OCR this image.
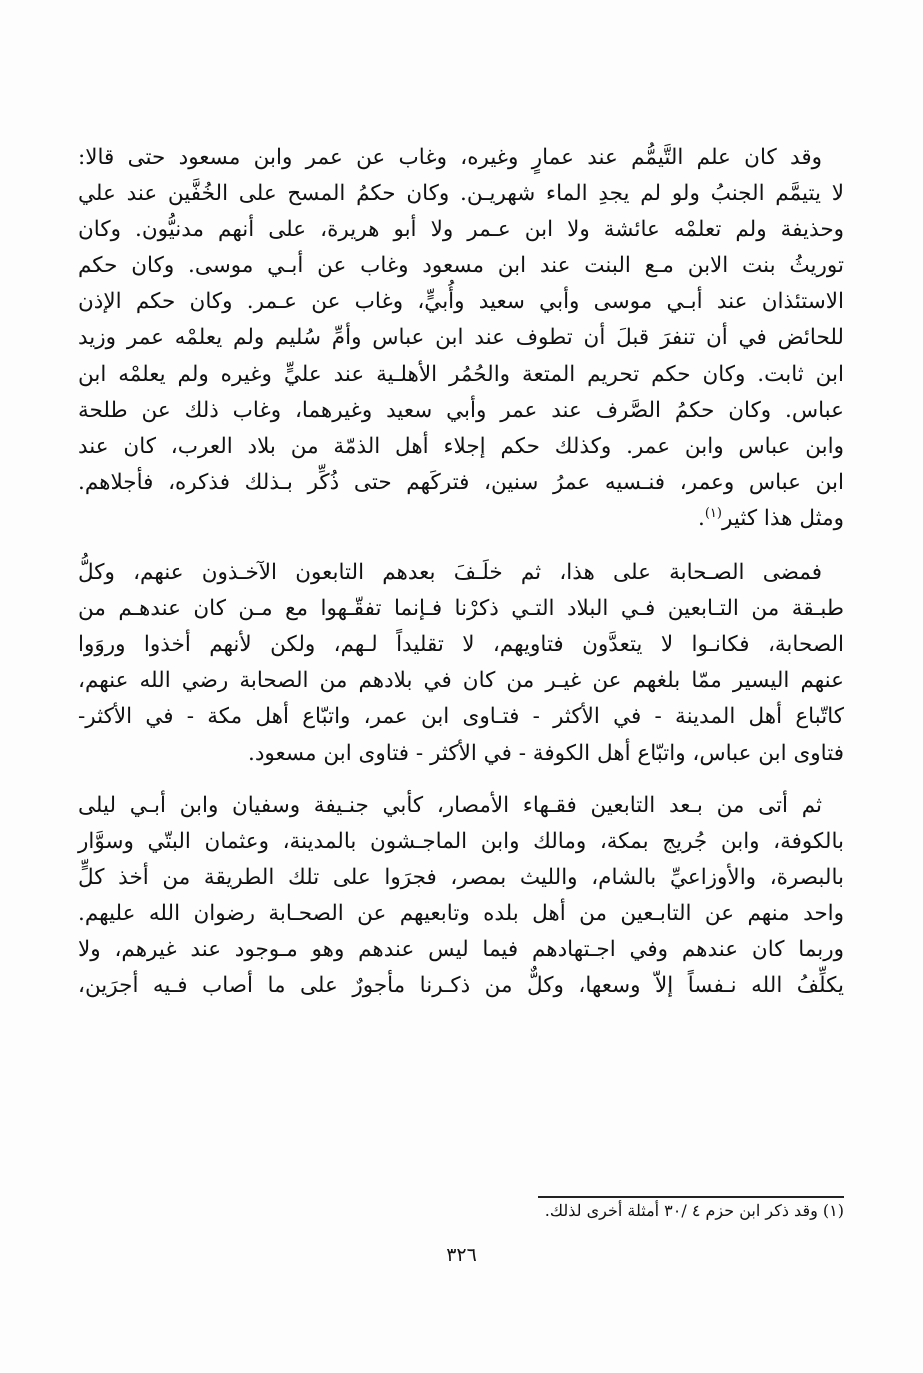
وقد كان علم التَّيمُّم عند عمارٍ وغيره، وغاب عن عمر وابن مسعود حتى قالا:
لا يتيمَّم الجنبُ ولو لم يجدِ الماء شهريـن. وكان حكمُ المسح على الخُفَّين عند علي
وحذيفة ولم تعلمْه عائشة ولا ابن عـمر ولا أبو هريرة، على أنهم مدنيُّون. وكان
توريثُ بنت الابن مـع البنت عند ابن مسعود وغاب عن أبـي موسى. وكان حكم
الاستئذان عند أبـي موسى وأبي سعيد وأُبيٍّ، وغاب عن عـمر. وكان حكم الإذن
للحائض في أن تنفرَ قبلَ أن تطوف عند ابن عباس وأمِّ سُليم ولم يعلمْه عمر وزيد
ابن ثابت. وكان حكم تحريم المتعة والحُمُر الأهلـية عند عليٍّ وغيره ولم يعلمْه ابن
عباس. وكان حكمُ الصَّرف عند عمر وأبي سعيد وغيرهما، وغاب ذلك عن طلحة
وابن عباس وابن عمر. وكذلك حكم إجلاء أهل الذمّة من بلاد العرب، كان عند
ابن عباس وعمر، فنـسيه عمرُ سنين، فتركَهم حتى ذُكِّر بـذلك فذكره، فأجلاهم.
ومثل هذا كثير$^{(١)}$.
فمضى الصـحابة على هذا، ثم خلَـفَ بعدهم التابعون الآخـذون عنهم، وكلُّ
طبـقة من التـابعين فـي البلاد التـي ذكرْنا فـإنما تفقّـهوا مع مـن كان عندهـم من
الصحابة، فكانـوا لا يتعدَّون فتاويهم، لا تقليداً لـهم، ولكن لأنهم أخذوا وروَوا
عنهم اليسير ممّا بلغهم عن غيـر من كان في بلادهم من الصحابة رضي الله عنهم،
كاتّباع أهل المدينة - في الأكثر - فتـاوى ابن عمر، واتبّاع أهل مكة - في الأكثر-
فتاوى ابن عباس، واتبّاع أهل الكوفة - في الأكثر - فتاوى ابن مسعود.
ثم أتى من بـعد التابعين فقـهاء الأمصار، كأبي جنـيفة وسفيان وابن أبـي ليلى
بالكوفة، وابن جُريج بمكة، ومالك وابن الماجـشون بالمدينة، وعثمان البتّي وسوَّار
بالبصرة، والأوزاعيِّ بالشام، والليث بمصر، فجرَوا على تلك الطريقة من أخذ كلٍّ
واحد منهم عن التابـعين من أهل بلده وتابعيهم عن الصحـابة رضوان الله عليهم.
وربما كان عندهم وفي اجـتهادهم فيما ليس عندهم وهو مـوجود عند غيرهم، ولا
يكلِّفُ الله نـفساً إلاّ وسعها، وكلٌّ من ذكـرنا مأجورٌ على ما أصاب فـيه أجرَين،
(١) وقد ذكر ابن حزم ٤ /٣٠ أمثلة أخرى لذلك.
٣٢٦
